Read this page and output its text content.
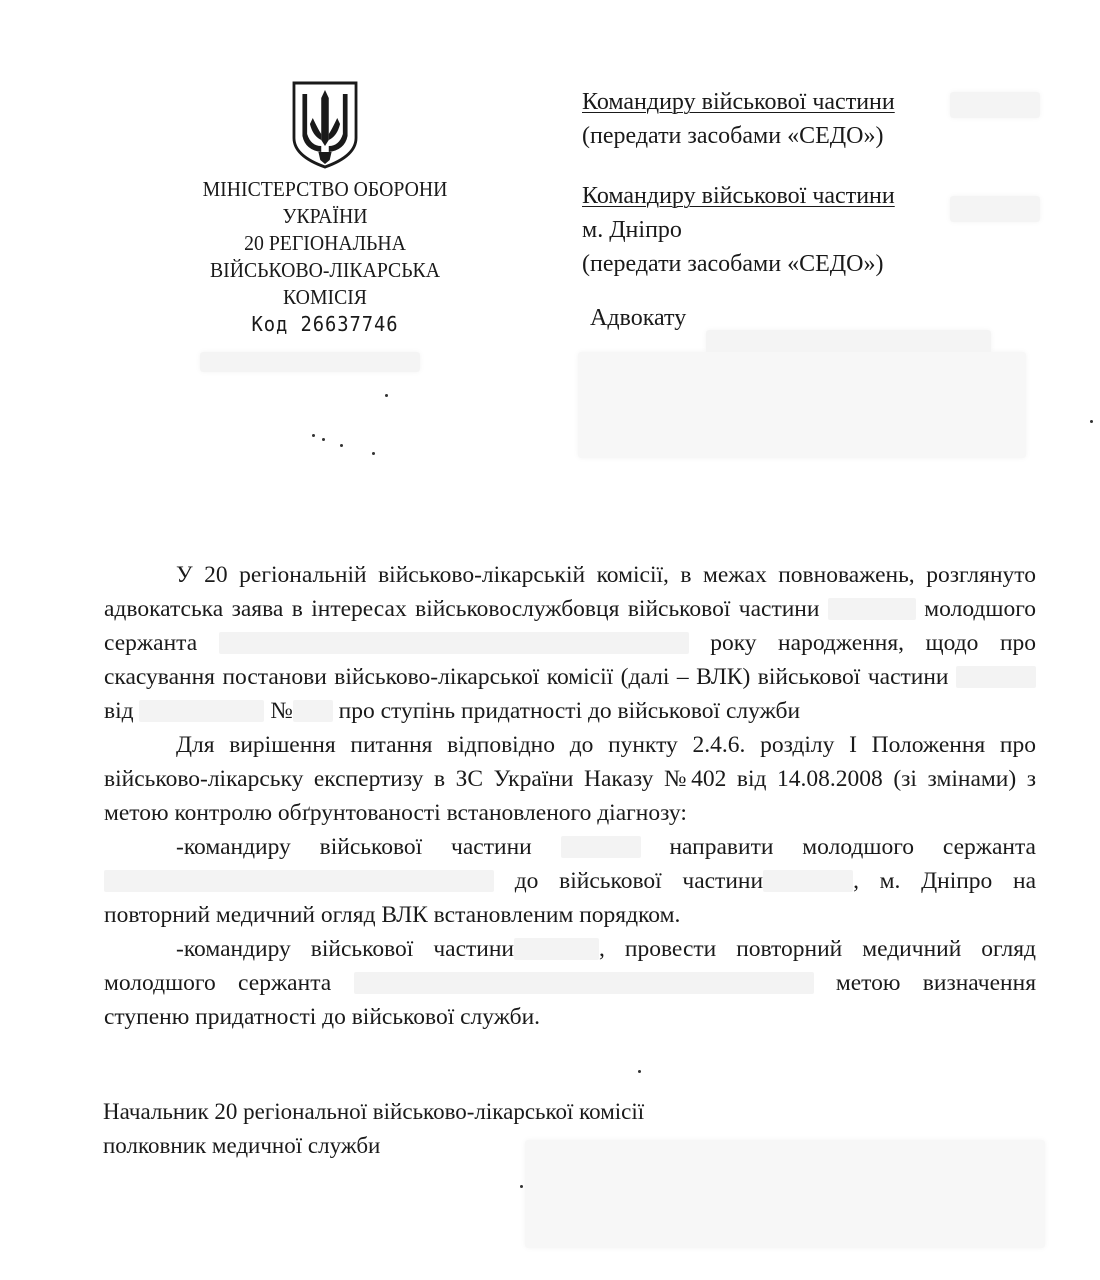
МІНІСТЕРСТВО ОБОРОНИ
УКРАЇНИ
20 РЕГІОНАЛЬНА
ВІЙСЬКОВО-ЛІКАРСЬКА
КОМІСІЯ
Код 26637746

Командиру військової частини

(передати засобами «СЕДО»)

Командиру військової частини

м. Дніпро

(передати засобами «СЕДО»)

Адвокату

У 20 регіональній військово-лікарській комісії, в межах повноважень, розглянуто адвокатська заява в інтересах військовослужбовця військової частини	молодшого сержанта	року народження, щодо про скасування постанови військово-лікарської комісії (далі – ВЛК) військової частини  від	№ про ступінь придатності до військової служби

Для вирішення питання відповідно до пункту 2.4.6. розділу І Положення про військово-лікарську експертизу в ЗС України Наказу №402 від 14.08.2008 (зі змінами) з метою контролю обґрунтованості встановленого діагнозу:

-командиру військової частини	направити молодшого сержанта  до військової частини	, м. Дніпро на повторний медичний огляд ВЛК встановленим порядком.

-командиру військової частини	, провести повторний медичний огляд молодшого сержанта	метою визначення ступеню придатності до військової служби.

Начальник 20 регіональної військово-лікарської комісії

полковник медичної служби
